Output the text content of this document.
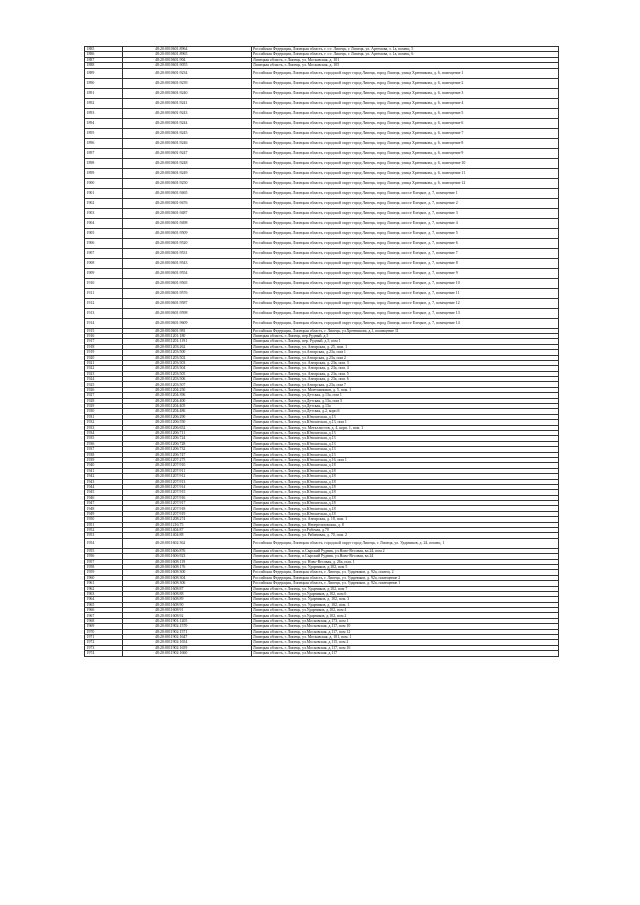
1885	48:20:0010601:8964	Российская Федерация, Липецкая область, г. о г. Липецк, г. Липецк, ул. Артемова, з. 1а, помещ. 5
1886	48:20:0010601:8965	Российская Федерация, Липецкая область, г. о г. Липецк, г. Липецк, ул. Артемова, з. 1а, помещ. 6
1887	48:20:0010601:904	Липецкая область, г. Липецк, ул. Московская, д. 101
1888	48:20:0010601:9055	Липецкая область, г. Липецк, ул. Московская, д. 105
1889	48:20:0010601:9234	Российская Федерация, Липецкая область, городской округ город Липецк, город Липецк, улица Хренникова, д. 6, помещение 1
1890	48:20:0010601:9239	Российская Федерация, Липецкая область, городской округ город Липецк, город Липецк, улица Хренникова, д. 6, помещение 2
1891	48:20:0010601:9240	Российская Федерация, Липецкая область, городской округ город Липецк, город Липецк, улица Хренникова, д. 6, помещение 3
1892	48:20:0010601:9241	Российская Федерация, Липецкая область, городской округ город Липецк, город Липецк, улица Хренникова, д. 6, помещение 4
1893	48:20:0010601:9243	Российская Федерация, Липецкая область, городской округ город Липецк, город Липецк, улица Хренникова, д. 6, помещение 5
1894	48:20:0010601:9244	Российская Федерация, Липецкая область, городской округ город Липецк, город Липецк, улица Хренникова, д. 6, помещение 6
1895	48:20:0010601:9245	Российская Федерация, Липецкая область, городской округ город Липецк, город Липецк, улица Хренникова, д. 6, помещение 7
1896	48:20:0010601:9246	Российская Федерация, Липецкая область, городской округ город Липецк, город Липецк, улица Хренникова, д. 6, помещение 8
1897	48:20:0010601:9247	Российская Федерация, Липецкая область, городской округ город Липецк, город Липецк, улица Хренникова, д. 6, помещение 9
1898	48:20:0010601:9248	Российская Федерация, Липецкая область, городской округ город Липецк, город Липецк, улица Хренникова, д. 6, помещение 10
1899	48:20:0010601:9249	Российская Федерация, Липецкая область, городской округ город Липецк, город Липецк, улица Хренникова, д. 6, помещение 11
1900	48:20:0010601:9250	Российская Федерация, Липецкая область, городской округ город Липецк, город Липецк, улица Хренникова, д. 6, помещение 12
1901	48:20:0010601:9465	Российская Федерация, Липецкая область, городской округ город Липецк, город Липецк, шоссе Елецкое, д. 7, помещение 1
1902	48:20:0010601:9476	Российская Федерация, Липецкая область, городской округ город Липецк, город Липецк, шоссе Елецкое, д. 7, помещение 2
1903	48:20:0010601:9487	Российская Федерация, Липецкая область, городской округ город Липецк, город Липецк, шоссе Елецкое, д. 7, помещение 3
1904	48:20:0010601:9498	Российская Федерация, Липецкая область, городской округ город Липецк, город Липецк, шоссе Елецкое, д. 7, помещение 4
1905	48:20:0010601:9509	Российская Федерация, Липецкая область, городской округ город Липецк, город Липецк, шоссе Елецкое, д. 7, помещение 5
1906	48:20:0010601:9520	Российская Федерация, Липецкая область, городской округ город Липецк, город Липецк, шоссе Елецкое, д. 7, помещение 6
1907	48:20:0010601:9531	Российская Федерация, Липецкая область, городской округ город Липецк, город Липецк, шоссе Елецкое, д. 7, помещение 7
1908	48:20:0010601:9543	Российская Федерация, Липецкая область, городской округ город Липецк, город Липецк, шоссе Елецкое, д. 7, помещение 8
1909	48:20:0010601:9554	Российская Федерация, Липецкая область, городской округ город Липецк, город Липецк, шоссе Елецкое, д. 7, помещение 9
1910	48:20:0010601:9565	Российская Федерация, Липецкая область, городской округ город Липецк, город Липецк, шоссе Елецкое, д. 7, помещение 10
1911	48:20:0010601:9576	Российская Федерация, Липецкая область, городской округ город Липецк, город Липецк, шоссе Елецкое, д. 7, помещение 11
1912	48:20:0010601:9587	Российская Федерация, Липецкая область, городской округ город Липецк, город Липецк, шоссе Елецкое, д. 7, помещение 12
1913	48:20:0010601:9598	Российская Федерация, Липецкая область, городской округ город Липецк, город Липецк, шоссе Елецкое, д. 7, помещение 13
1914	48:20:0010601:9609	Российская Федерация, Липецкая область, городской округ город Липецк, город Липецк, шоссе Елецкое, д. 7, помещение 14
1915	48:20:0010601:981	Российская Федерация, Липецкая область, г. Липецк, ул.Хренникова, д.1, помещение 11
1916	48:20:0011201:180	Липецкая область, г. Липецк, пер.Рудный, д.5
1917	48:20:0011201:1191	Липецкая область, г. Липецк, пер. Рудный, д.5, пом 1
1918	48:20:0011203:262	Липецкая область, г. Липецк, ул. Ангарская, д. 25, пом. 1
1919	48:20:0011203:500	Липецкая область, г. Липецк, ул.Ангарская, д.23а, пом 1
1920	48:20:0011203:502	Липецкая область, г. Липецк, ул.Ангарская, д.23а, пом 2
1921	48:20:0011203:503	Липецкая область, г. Липецк, ул. Ангарская, д. 23а, пом. 3
1922	48:20:0011203:504	Липецкая область, г. Липецк, ул. Ангарская, д. 23а, пом. 4
1923	48:20:0011203:505	Липецкая область, г. Липецк, ул. Ангарская, д. 23а, пом. 5
1924	48:20:0011203:506	Липецкая область, г. Липецк, ул. Ангарская, д. 23а, пом. 6
1925	48:20:0011203:507	Липецкая область, г. Липецк, ул.Ангарская, д.23а, пом 7
1926	48:20:0011204:250	Липецкая область, г. Липецк, ул. Монтажников, д. 5, пом. 1
1927	48:20:0011204:396	Липецкая область, г. Липецк, ул.Детская, д.13а, пом 1
1928	48:20:0011204:400	Липецкая область, г. Липецк, ул.Детская, д.13а, пом 3
1929	48:20:0011204:405	Липецкая область, г. Липецк, ул.Детская, д.13а
1930	48:20:0011204:486	Липецкая область, г. Липецк, ул.Детская, д.2, корп.6
1931	48:20:0011206:290	Липецкая область, г. Липецк, ул.Юношеская, д.13
1932	48:20:0011206:550	Липецкая область, г. Липецк, ул.Юношеская, д.13, пом 1
1933	48:20:0011206:652	Липецкая область, г. Липецк, ул. Металлистов, д. 4, корп. 1, пом. 1
1934	48:20:0011206:711	Липецкая область, г. Липецк, ул.Юношеская, д.13
1935	48:20:0011206:724	Липецкая область, г. Липецк, ул.Юношеская, д.13
1936	48:20:0011206:728	Липецкая область, г. Липецк, ул.Юношеская, д.13
1937	48:20:0011206:732	Липецкая область, г. Липецк, ул.Юношеская, д.13
1938	48:20:0011206:747	Липецкая область, г. Липецк, ул.Юношеская, д.13
1939	48:20:0011207:275	Липецкая область, г. Липецк, ул.Юношеская, д.16, пом 1
1940	48:20:0011207:910	Липецкая область, г. Липецк, ул.Юношеская, д.18
1941	48:20:0011207:911	Липецкая область, г. Липецк, ул.Юношеская, д.18
1942	48:20:0011207:912	Липецкая область, г. Липецк, ул.Юношеская, д.18
1943	48:20:0011207:913	Липецкая область, г. Липецк, ул.Юношеская, д.18
1944	48:20:0011207:914	Липецкая область, г. Липецк, ул.Юношеская, д.18
1945	48:20:0011207:915	Липецкая область, г. Липецк, ул.Юношеская, д.18
1946	48:20:0011207:916	Липецкая область, г. Липецк, ул.Юношеская, д.18
1947	48:20:0011207:917	Липецкая область, г. Липецк, ул.Юношеская, д.18
1948	48:20:0011207:918	Липецкая область, г. Липецк, ул.Юношеская, д.18
1949	48:20:0011207:919	Липецкая область, г. Липецк, ул.Юношеская, д.18
1950	48:20:0011208:274	Липецкая область, г. Липецк, ул. Ангарская, д. 18, пом. 1
1951	48:20:0011216:75	Липецкая область, г. Липецк, ул. Неперелазовская, д. 8
1952	48:20:0011404:87	Липецкая область, г. Липецк, ул.Рабочая, д.70
1953	48:20:0011404:88	Липецкая область, г. Липецк, ул. Рябиновая, д. 70, пом. 2
1954	48:20:0011602:362	Российская Федерация, Липецкая область, городской округ город Липецк, г. Липецк, ул. Ударников, д. 24, помещ. 1
1955	48:20:0011606:876	Липецкая область, г. Липецк, п.Сырский Рудник, ул.Ново-Весовая, вл.24, пом 2
1956	48:20:0011606:923	Липецкая область, г. Липецк, п.Сырский Рудник, ул.Ново-Весовая, вл.24
1957	48:20:0011608:119	Липецкая область, г. Липецк, ул. Ново-Весовая, д. 26а, пом. 1
1958	48:20:0011608:176	Липецкая область, г. Липецк, ул. Ударников, д.102, пом 5
1959	48:20:0011608:300	Российская Федерация, Липецкая область, г. Липецк, ул. Ударников, д. 92а, помещ. 2
1960	48:20:0011608:304	Российская Федерация, Липецкая область, г. Липецк, ул. Ударников, д. 92а, помещение 2
1961	48:20:0011608:306	Российская Федерация, Липецкая область, г. Липецк, ул. Ударников, д. 92а, помещение 1
1962	48:20:0011608:87	Липецкая область, г. Липецк, ул. Ударников, д.102, пом 7
1963	48:20:0011608:88	Липецкая область, г. Липецк, ул.Ударников, д.102, пом 6
1964	48:20:0011608:89	Липецкая область, г. Липецк, ул. Ударников, д. 102, пом. 3
1965	48:20:0011608:90	Липецкая область, г. Липецк, ул. Ударников, д. 102, пом. 1
1966	48:20:0011608:91	Липецкая область, г. Липецк, ул.Ударников, д.102, пом 4
1967	48:20:0011608:92	Липецкая область, г. Липецк, ул.Ударников, д.102, пом 2
1968	48:20:0011901:1205	Липецкая область, г. Липецк, ул.Московская, д.173, пом 1
1969	48:20:0011902:1570	Липецкая область, г. Липецк, ул.Московская, д.117, пом 10
1970	48:20:0011902:1571	Липецкая область, г. Липецк, ул.Московская, д.117, пом 12
1971	48:20:0011902:1647	Липецкая область, г. Липецк, ул. Московская, д. 101, пом. 1
1972	48:20:0011902:1654	Липецкая область, г. Липецк, ул.Московская, д.115, пом 2
1973	48:20:0011902:1659	Липецкая область, г. Липецк, ул.Московская, д.117, пом 16
1974	48:20:0011902:1660	Липецкая область, г. Липецк, ул.Московская, д.117
